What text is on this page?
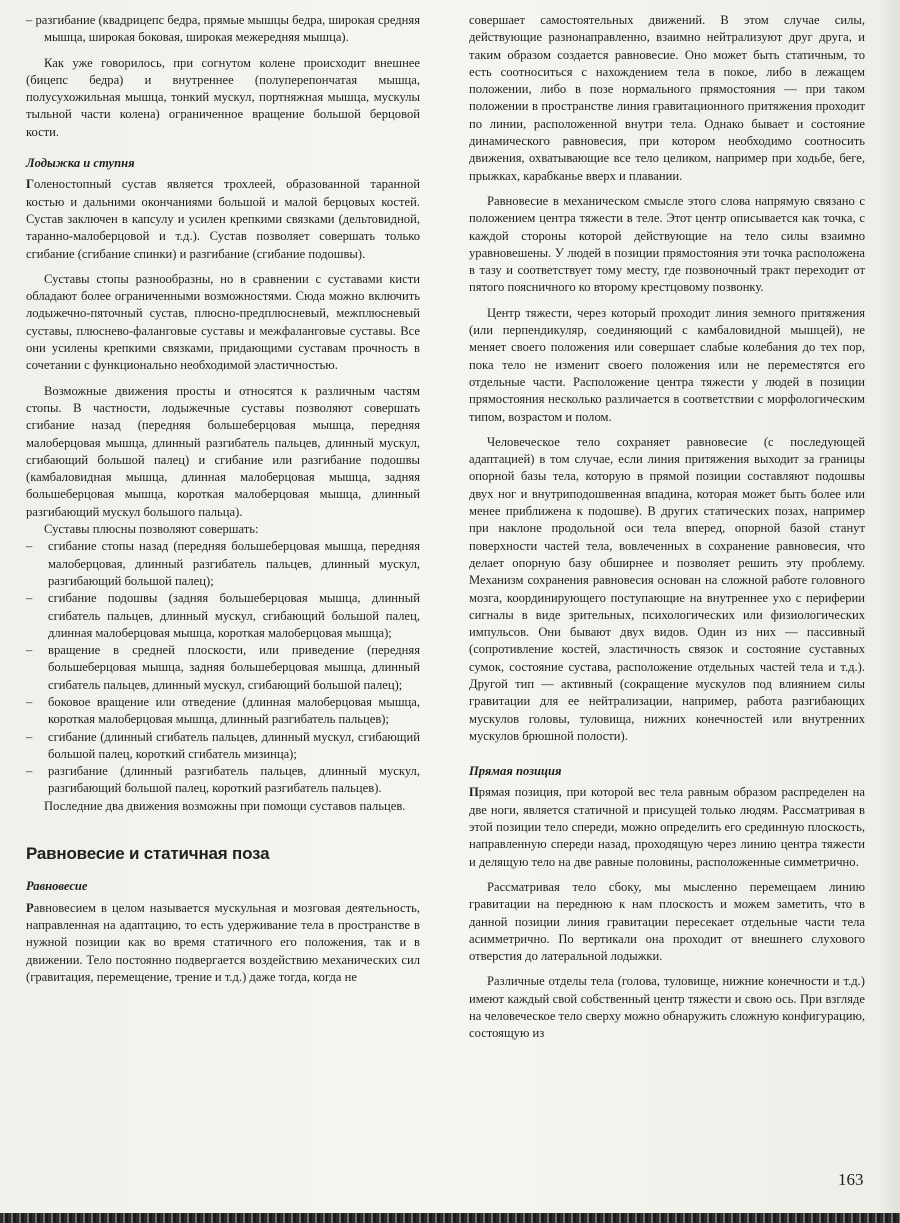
– разгибание (квадрицепс бедра, прямые мышцы бедра, широкая средняя мышца, широкая боковая, широкая межередняя мышца).

Как уже говорилось, при согнутом колене происходит внешнее (бицепс бедра) и внутреннее (полуперепончатая мышца, полусухожильная мышца, тонкий мускул, портняжная мышца, мускулы тыльной части колена) ограниченное вращение большой берцовой кости.

Лодыжка и ступня

Голеностопный сустав является трохлеей, образованной таранной костью и дальними окончаниями большой и малой берцовых костей. Сустав заключен в капсулу и усилен крепкими связками (дельтовидной, таранно-малоберцовой и т.д.). Сустав позволяет совершать только сгибание (сгибание спинки) и разгибание (сгибание подошвы).

Суставы стопы разнообразны, но в сравнении с суставами кисти обладают более ограниченными возможностями. Сюда можно включить лодыжечно-пяточный сустав, плюсно-предплюсневый, межплюсневый суставы, плюснево-фаланговые суставы и межфаланговые суставы. Все они усилены крепкими связками, придающими суставам прочность в сочетании с функционально необходимой эластичностью.

Возможные движения просты и относятся к различным частям стопы. В частности, лодыжечные суставы позволяют совершать сгибание назад (передняя большеберцовая мышца, передняя малоберцовая мышца, длинный разгибатель пальцев, длинный мускул, сгибающий большой палец) и сгибание или разгибание подошвы (камбаловидная мышца, длинная малоберцовая мышца, задняя большеберцовая мышца, короткая малоберцовая мышца, длинный разгибающий мускул большого пальца).

Суставы плюсны позволяют совершать:

– сгибание стопы назад (передняя большеберцовая мышца, передняя малоберцовая, длинный разгибатель пальцев, длинный мускул, разгибающий большой палец);
– сгибание подошвы (задняя большеберцовая мышца, длинный сгибатель пальцев, длинный мускул, сгибающий большой палец, длинная малоберцовая мышца, короткая малоберцовая мышца);
– вращение в средней плоскости, или приведение (передняя большеберцовая мышца, задняя большеберцовая мышца, длинный сгибатель пальцев, длинный мускул, сгибающий большой палец);
– боковое вращение или отведение (длинная малоберцовая мышца, короткая малоберцовая мышца, длинный разгибатель пальцев);
– сгибание (длинный сгибатель пальцев, длинный мускул, сгибающий большой палец, короткий сгибатель мизинца);
– разгибание (длинный разгибатель пальцев, длинный мускул, разгибающий большой палец, короткий разгибатель пальцев).

Последние два движения возможны при помощи суставов пальцев.

Равновесие и статичная поза
Равновесие

Равновесием в целом называется мускульная и мозговая деятельность, направленная на адаптацию, то есть удерживание тела в пространстве в нужной позиции как во время статичного его положения, так и в движении. Тело постоянно подвергается воздействию механических сил (гравитация, перемещение, трение и т.д.) даже тогда, когда не

совершает самостоятельных движений. В этом случае силы, действующие разнонаправленно, взаимно нейтрализуют друг друга, и таким образом создается равновесие. Оно может быть статичным, то есть соотноситься с нахождением тела в покое, либо в лежащем положении, либо в позе нормального прямостояния — при таком положении в пространстве линия гравитационного притяжения проходит по линии, расположенной внутри тела. Однако бывает и состояние динамического равновесия, при котором необходимо соотносить движения, охватывающие все тело целиком, например при ходьбе, беге, прыжках, карабканье вверх и плавании.

Равновесие в механическом смысле этого слова напрямую связано с положением центра тяжести в теле. Этот центр описывается как точка, с каждой стороны которой действующие на тело силы взаимно уравновешены. У людей в позиции прямостояния эти точка расположена в тазу и соответствует тому месту, где позвоночный тракт переходит от пятого поясничного ко второму крестцовому позвонку.

Центр тяжести, через который проходит линия земного притяжения (или перпендикуляр, соединяющий с камбаловидной мышцей), не меняет своего положения или совершает слабые колебания до тех пор, пока тело не изменит своего положения или не переместятся его отдельные части. Расположение центра тяжести у людей в позиции прямостояния несколько различается в соответствии с морфологическим типом, возрастом и полом.

Человеческое тело сохраняет равновесие (с последующей адаптацией) в том случае, если линия притяжения выходит за границы опорной базы тела, которую в прямой позиции составляют подошвы двух ног и внутриподошвенная впадина, которая может быть более или менее приближена к подошве). В других статических позах, например при наклоне продольной оси тела вперед, опорной базой станут поверхности частей тела, вовлеченных в сохранение равновесия, что делает опорную базу обширнее и позволяет решить эту проблему. Механизм сохранения равновесия основан на сложной работе головного мозга, координирующего поступающие на внутреннее ухо с периферии сигналы в виде зрительных, психологических или физиологических импульсов. Они бывают двух видов. Один из них — пассивный (сопротивление костей, эластичность связок и состояние суставных сумок, состояние сустава, расположение отдельных частей тела и т.д.). Другой тип — активный (сокращение мускулов под влиянием силы гравитации для ее нейтрализации, например, работа разгибающих мускулов головы, туловища, нижних конечностей или внутренних мускулов брюшной полости).

Прямая позиция

Прямая позиция, при которой вес тела равным образом распределен на две ноги, является статичной и присущей только людям. Рассматривая в этой позиции тело спереди, можно определить его срединную плоскость, направленную спереди назад, проходящую через линию центра тяжести и делящую тело на две равные половины, расположенные симметрично.

Рассматривая тело сбоку, мы мысленно перемещаем линию гравитации на переднюю к нам плоскость и можем заметить, что в данной позиции линия гравитации пересекает отдельные части тела асимметрично. По вертикали она проходит от внешнего слухового отверстия до латеральной лодыжки.

Различные отделы тела (голова, туловище, нижние конечности и т.д.) имеют каждый свой собственный центр тяжести и свою ось. При взгляде на человеческое тело сверху можно обнаружить сложную конфигурацию, состоящую из

163
